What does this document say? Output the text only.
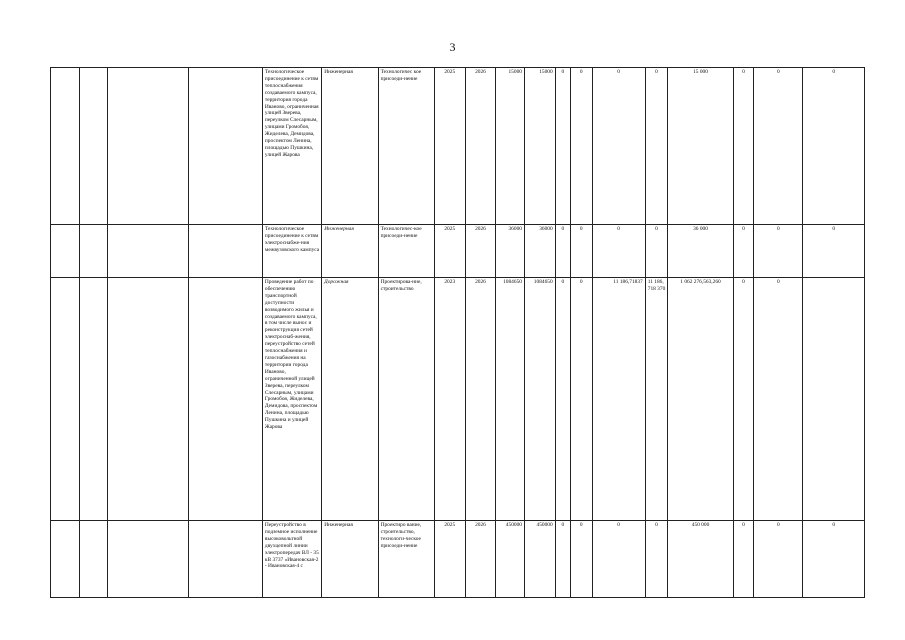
3
				Технологическое присоединение к сетям теплоснабжения создаваемого кампуса, территория города Иваново, ограниченная улицей Зверева, переулком Слесарным, улицами Громобоя, Жиделева, Демидова, проспектом Ленина, площадью Пушкина, улицей Жарова	Инженерная	Технологичес кое присоеди-нение	2025	2026	15000	15000	0	0	0	0	15 000	0	0	0
				Технологическое присоединение к сетям электроснабже-ния межвузовского кампуса	Инженерная	Технологичес-кое присоеди-нение	2025	2026	36000	36000	0	0	0	0	36 000	0	0	0
				Проведение работ по обеспечению транспортной доступности возводимого жилья и создаваемого кампуса, в том числе вынос и реконструкция сетей электроснаб-жения, переустройство сетей теплоснабжения и газоснабжения на территории города Иваново, ограниченной улицей Зверева, переулком Слесарным, улицами Громобоя, Жиделева, Демидова, проспектом Ленина, площадью Пушкина и улицей Жарова	Дорожная	Проектирова-ние, строительство	2023	2026	1084650	1084650	0	0	11 186,71837	11 186, 718 370	1 062 276,563,260	0	0	
				Переустройство в подземное исполнение высоковольтной двухцепной линии электропередач ВЛ - 35 кВ 3737 «Ивановская-2 - Ивановская-4 с	Инженерная	Проектиро вание, строительство, технологи-ческое присоеди-нение	2025	2026	450000	450000	0	0	0	0	450 000	0	0	0
